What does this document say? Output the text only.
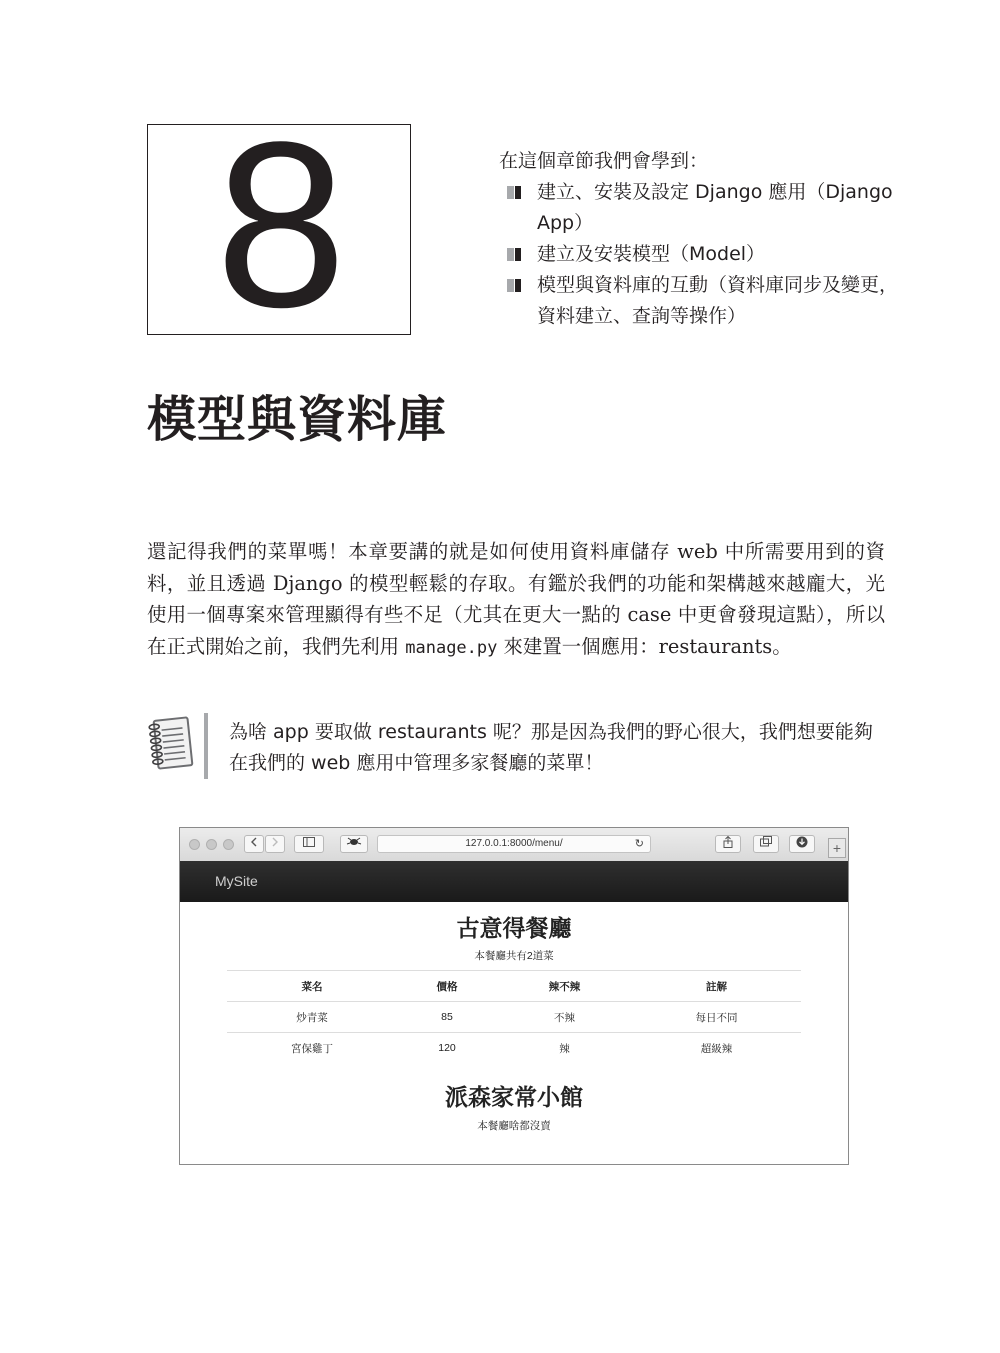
8	在這個章節我們會學到：

建立、安裝及設定 Django 應用（Django App）
建立及安裝模型（Model）
模型與資料庫的互動（資料庫同步及變更，資料建立、查詢等操作）
模型與資料庫

還記得我們的菜單嗎！本章要講的就是如何使用資料庫儲存 web 中所需要用到的資料，並且透過 Django 的模型輕鬆的存取。有鑑於我們的功能和架構越來越龐大，光使用一個專案來管理顯得有些不足（尤其在更大一點的 case 中更會發現這點），所以在正式開始之前，我們先利用 manage.py 來建置一個應用：restaurants。

為啥 app 要取做 restaurants 呢？那是因為我們的野心很大，我們想要能夠在我們的 web 應用中管理多家餐廳的菜單！

127.0.0.1:8000/menu/	↻	+
MySite
古意得餐廳

本餐廳共有2道菜

菜名	價格	辣不辣	註解
炒青菜	85	不辣	每日不同
宮保雞丁	120	辣	超級辣
派森家常小館

本餐廳啥都沒賣
